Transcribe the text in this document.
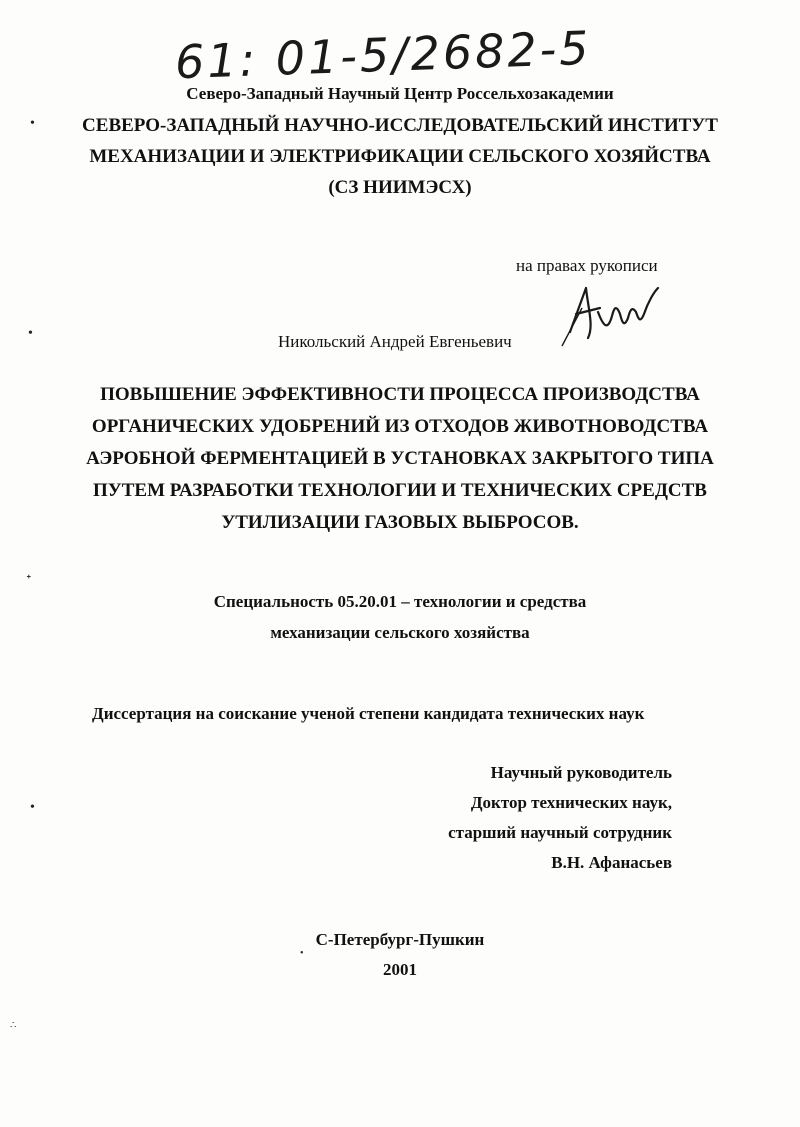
61: 01-5/2682-5
Северо-Западный Научный Центр Россельхозакадемии
СЕВЕРО-ЗАПАДНЫЙ НАУЧНО-ИССЛЕДОВАТЕЛЬСКИЙ ИНСТИТУТ
МЕХАНИЗАЦИИ И ЭЛЕКТРИФИКАЦИИ СЕЛЬСКОГО ХОЗЯЙСТВА
(СЗ НИИМЭСХ)
на правах рукописи
Никольский Андрей Евгеньевич
ПОВЫШЕНИЕ ЭФФЕКТИВНОСТИ ПРОЦЕССА ПРОИЗВОДСТВА
ОРГАНИЧЕСКИХ УДОБРЕНИЙ ИЗ ОТХОДОВ ЖИВОТНОВОДСТВА
АЭРОБНОЙ ФЕРМЕНТАЦИЕЙ В УСТАНОВКАХ ЗАКРЫТОГО ТИПА
ПУТЕМ РАЗРАБОТКИ ТЕХНОЛОГИИ И ТЕХНИЧЕСКИХ СРЕДСТВ
УТИЛИЗАЦИИ ГАЗОВЫХ ВЫБРОСОВ.
Специальность 05.20.01 – технологии и средства
механизации сельского хозяйства
Диссертация на соискание ученой степени кандидата технических наук
Научный руководитель
Доктор технических наук,
старший научный сотрудник
В.Н. Афанасьев
С-Петербург-Пушкин
2001
•
•
ᐩ
•
•
∴
